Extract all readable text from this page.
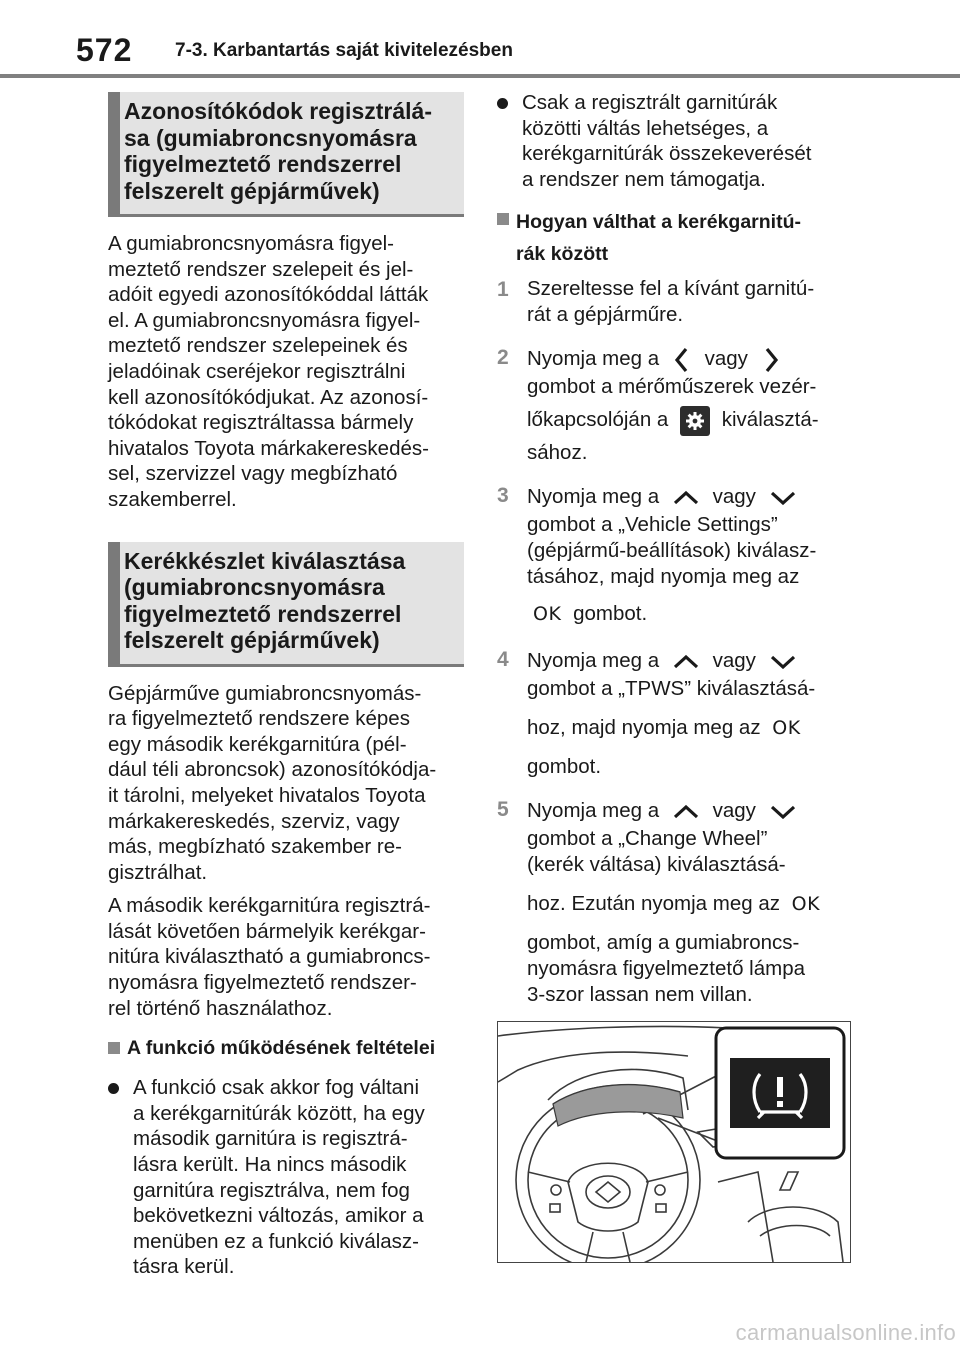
572 7-3. Karbantartás saját kivitelezésben
Azonosítókódok regisztrálá-
sa (gumiabroncsnyomásra
figyelmeztető rendszerrel
felszerelt gépjárművek)

A gumiabroncsnyomásra figyel-

meztető rendszer szelepeit és jel-

adóit egyedi azonosítókóddal látták

el. A gumiabroncsnyomásra figyel-

meztető rendszer szelepeinek és

jeladóinak cseréjekor regisztrálni

kell azonosítókódjukat. Az azonosí-

tókódokat regisztráltassa bármely

hivatalos Toyota márkakereskedés-

sel, szervizzel vagy megbízható

szakemberrel.

Kerékkészlet kiválasztása
(gumiabroncsnyomásra
figyelmeztető rendszerrel
felszerelt gépjárművek)

Gépjárműve gumiabroncsnyomás-

ra figyelmeztető rendszere képes

egy második kerékgarnitúra (pél-

dául téli abroncsok) azonosítókódja-

it tárolni, melyeket hivatalos Toyota

márkakereskedés, szerviz, vagy

más, megbízható szakember re-

gisztrálhat.

A második kerékgarnitúra regisztrá-

lását követően bármelyik kerékgar-

nitúra kiválasztható a gumiabroncs-

nyomásra figyelmeztető rendszer-

rel történő használathoz.

A funkció működésének feltételei
A funkció csak akkor fog váltani
a kerékgarnitúrák között, ha egy
második garnitúra is regisztrá-
lásra került. Ha nincs második
garnitúra regisztrálva, nem fog
bekövetkezni változás, amikor a
menüben ez a funkció kiválasz-
tásra kerül.
Csak a regisztrált garnitúrák
közötti váltás lehetséges, a
kerékgarnitúrák összekeverését
a rendszer nem támogatja.
Hogyan válthat a kerékgarnitú-
rák között
1 Szereltesse fel a kívánt garnitú-
rát a gépjárműre.
2 Nyomja meg a vagy
gombot a mérőműszerek vezér-
lőkapcsolóján a	kiválasztá-
sához.
3 Nyomja meg a	vagy
gombot a „Vehicle Settings”
(gépjármű-beállítások) kiválasz-
tásához, majd nyomja meg az
OK gombot.
4 Nyomja meg a	vagy
gombot a „TPWS” kiválasztásá-
hoz, majd nyomja meg az OK
gombot.
5 Nyomja meg a	vagy
gombot a „Change Wheel”
(kerék váltása) kiválasztásá-
hoz. Ezután nyomja meg az OK
gombot, amíg a gumiabroncs-
nyomásra figyelmeztető lámpa
3-szor lassan nem villan.
carmanualsonline.info
